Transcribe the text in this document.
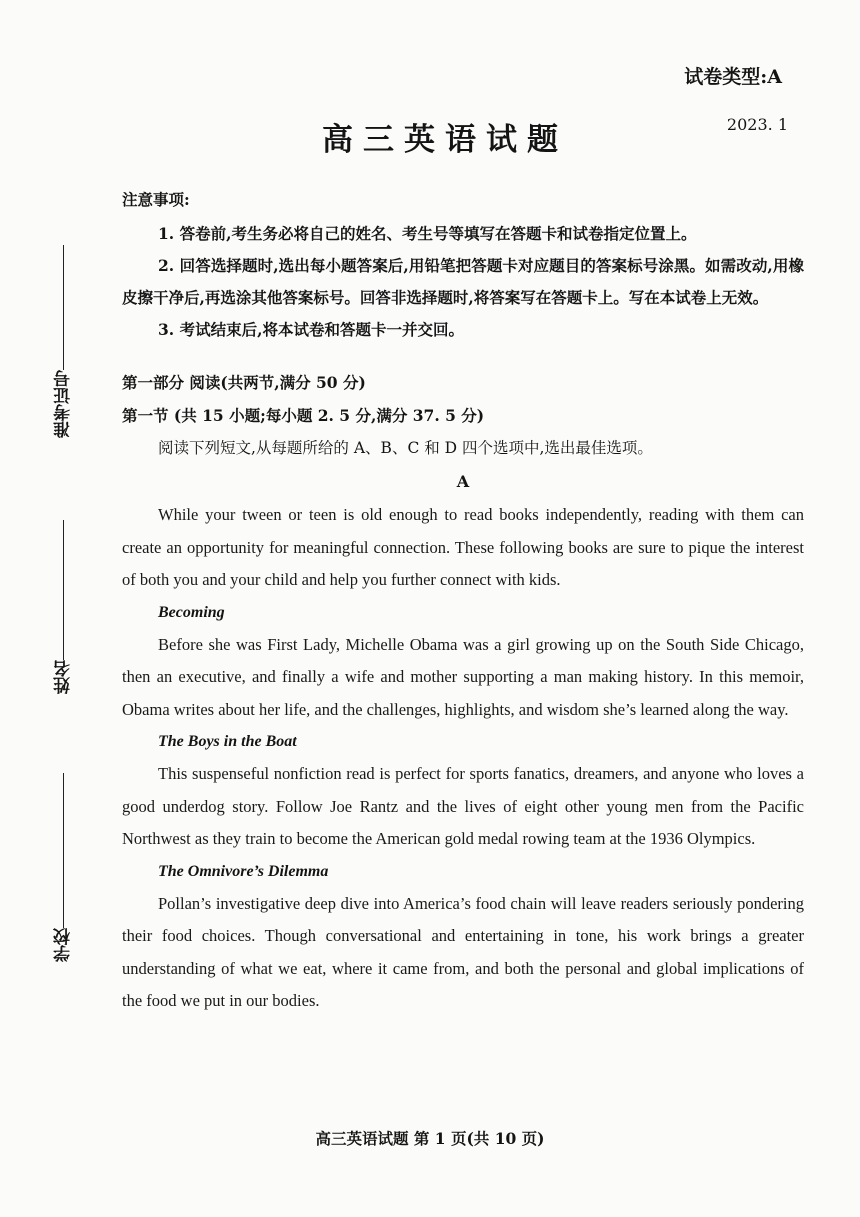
试卷类型:A
高三英语试题	2023. 1
准考证号
姓名
学校

注意事项:

1. 答卷前,考生务必将自己的姓名、考生号等填写在答题卡和试卷指定位置上。
2. 回答选择题时,选出每小题答案后,用铅笔把答题卡对应题目的答案标号涂黑。如需改动,用橡皮擦干净后,再选涂其他答案标号。回答非选择题时,将答案写在答题卡上。写在本试卷上无效。
3. 考试结束后,将本试卷和答题卡一并交回。

第一部分 阅读(共两节,满分 50 分)

第一节 (共 15 小题;每小题 2. 5 分,满分 37. 5 分)

阅读下列短文,从每题所给的 A、B、C 和 D 四个选项中,选出最佳选项。

A

While your tween or teen is old enough to read books independently, reading with them can create an opportunity for meaningful connection. These following books are sure to pique the interest of both you and your child and help you further connect with kids.

Becoming

Before she was First Lady, Michelle Obama was a girl growing up on the South Side Chicago, then an executive, and finally a wife and mother supporting a man making history. In this memoir, Obama writes about her life, and the challenges, highlights, and wisdom she’s learned along the way.

The Boys in the Boat

This suspenseful nonfiction read is perfect for sports fanatics, dreamers, and anyone who loves a good underdog story. Follow Joe Rantz and the lives of eight other young men from the Pacific Northwest as they train to become the American gold medal rowing team at the 1936 Olympics.

The Omnivore’s Dilemma

Pollan’s investigative deep dive into America’s food chain will leave readers seriously pondering their food choices. Though conversational and entertaining in tone, his work brings a greater understanding of what we eat, where it came from, and both the personal and global implications of the food we put in our bodies.

高三英语试题 第 1 页(共 10 页)
